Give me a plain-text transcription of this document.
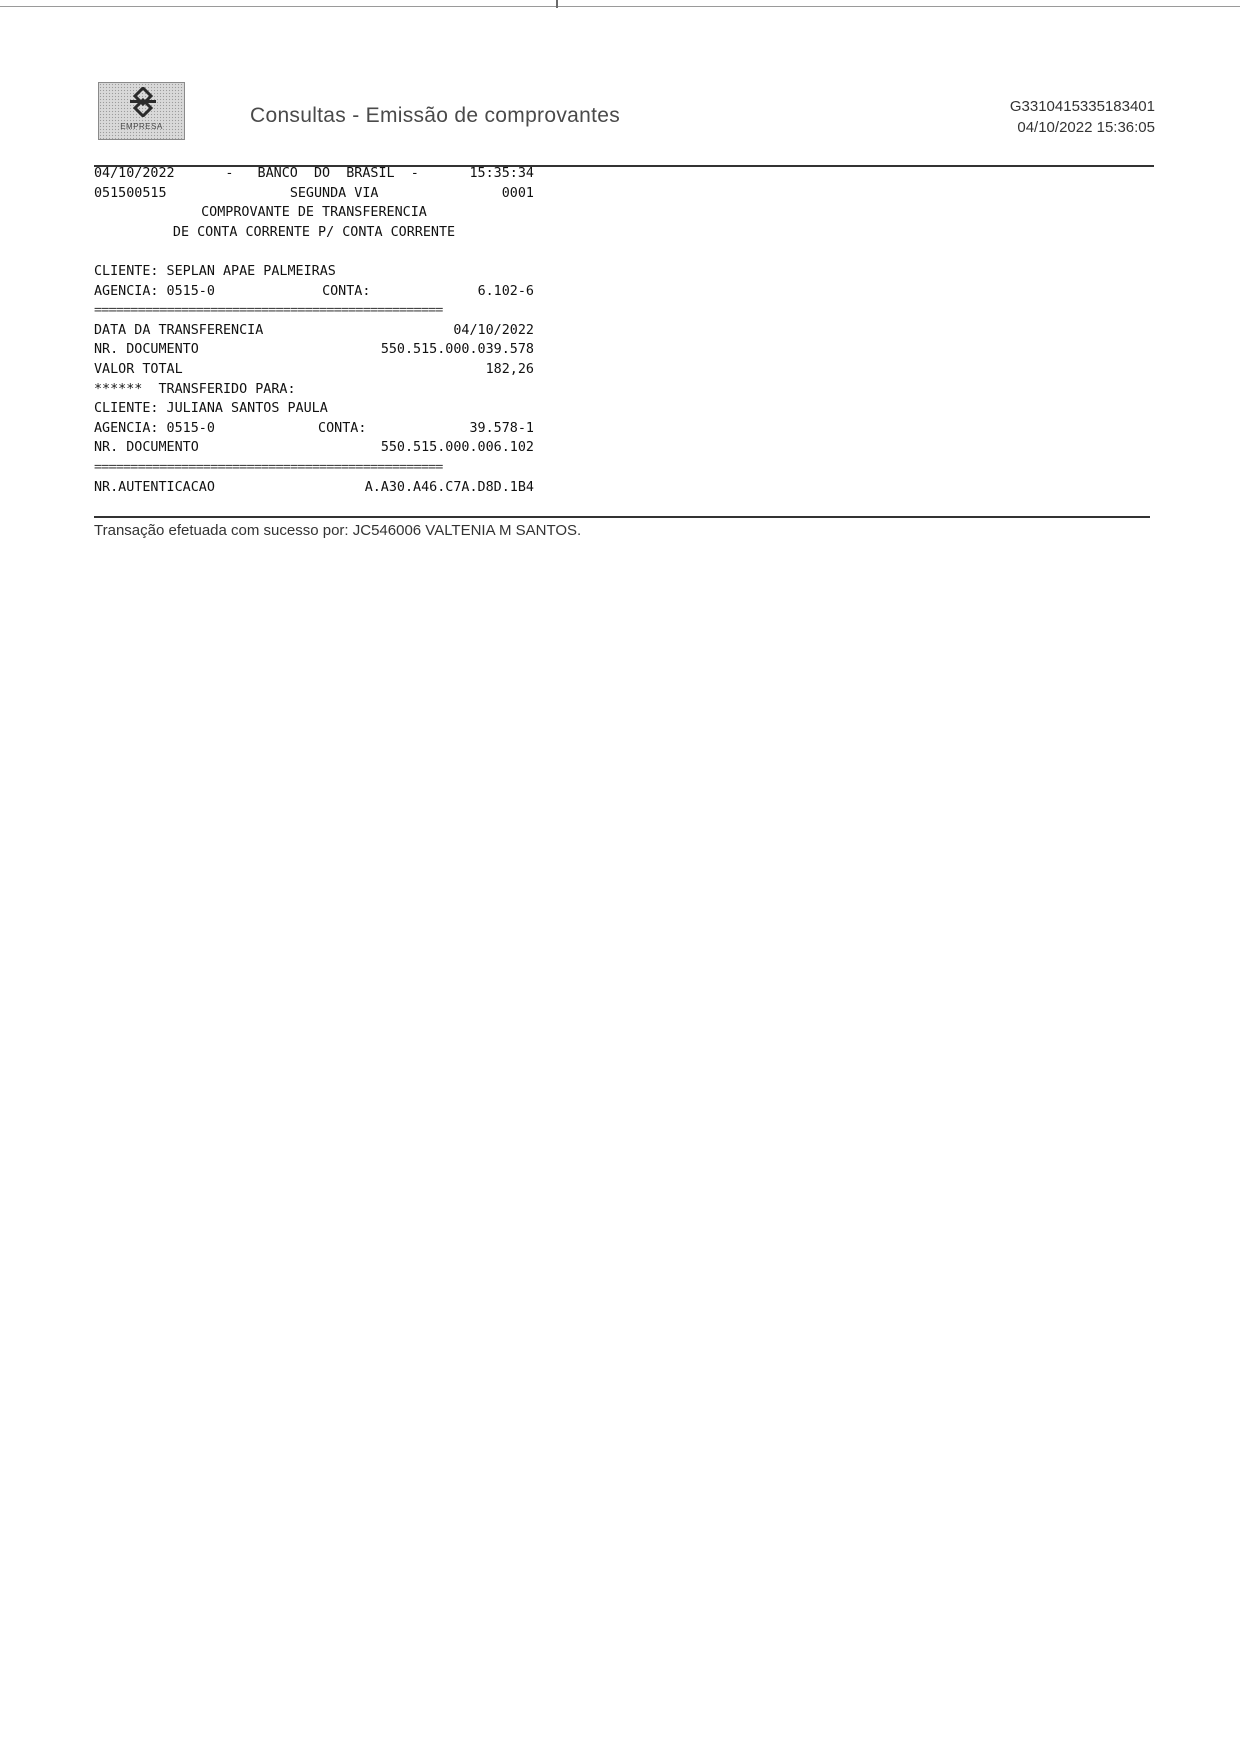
EMPRESA	Consultas - Emissão de comprovantes	G3310415335183401
04/10/2022 15:36:05
04/10/2022	-   BANCO  DO  BRASIL  -	15:35:34
051500515	SEGUNDA VIA	0001
COMPROVANTE DE TRANSFERENCIA
DE CONTA CORRENTE P/ CONTA CORRENTE
CLIENTE: SEPLAN APAE PALMEIRAS
AGENCIA: 0515-0	CONTA:	6.102-6
================================================
DATA DA TRANSFERENCIA	04/10/2022
NR. DOCUMENTO	550.515.000.039.578
VALOR TOTAL	182,26
******  TRANSFERIDO PARA:
CLIENTE: JULIANA SANTOS PAULA
AGENCIA: 0515-0	CONTA:	39.578-1
NR. DOCUMENTO	550.515.000.006.102
================================================
NR.AUTENTICACAO	A.A30.A46.C7A.D8D.1B4
Transação efetuada com sucesso por: JC546006 VALTENIA M SANTOS.
